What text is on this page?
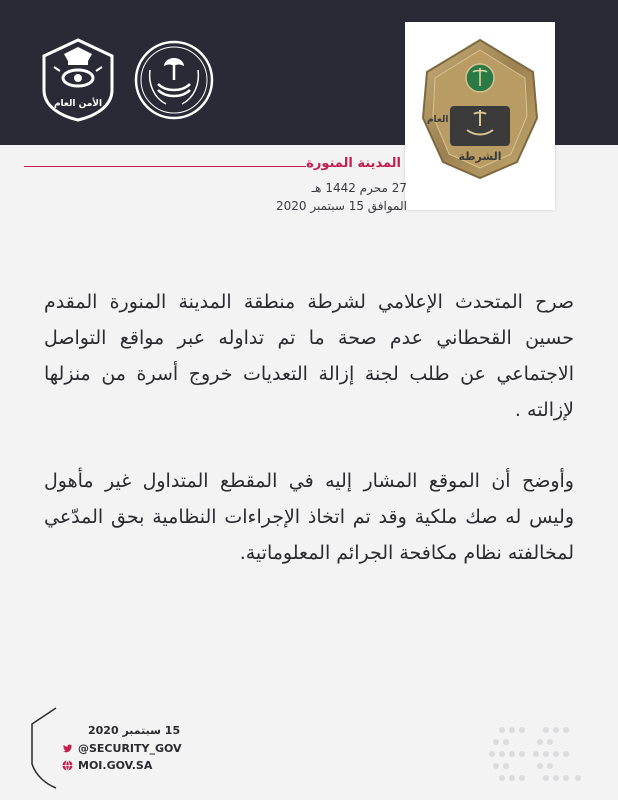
الأمن العام
الأمن العام
الشرطة
المدينة المنورة
27 محرم 1442 هـ
الموافق 15 سبتمبر 2020

صرح المتحدث الإعلامي لشرطة منطقة المدينة المنورة المقدم حسين القحطاني عدم صحة ما تم تداوله عبر مواقع التواصل الاجتماعي عن طلب لجنة إزالة التعديات خروج أسرة من منزلها لإزالته .

وأوضح أن الموقع المشار إليه في المقطع المتداول غير مأهول وليس له صك ملكية وقد تم اتخاذ الإجراءات النظامية بحق المدّعي لمخالفته نظام مكافحة الجرائم المعلوماتية.

15 سبتمبر 2020
@SECURITY_GOV
MOI.GOV.SA
